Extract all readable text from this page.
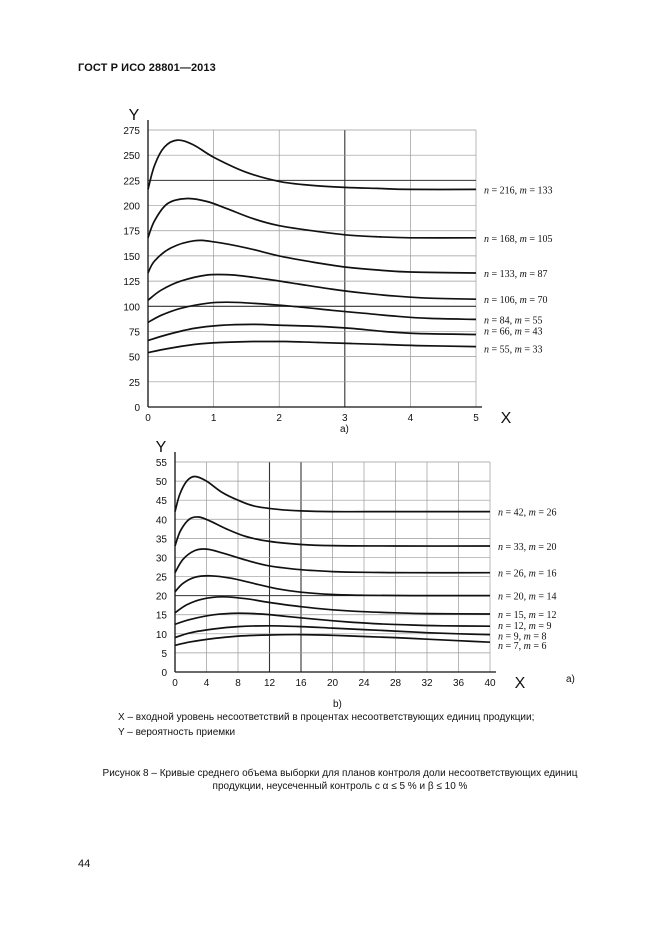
ГОСТ Р ИСО 28801—2013
0	1	2	3	4	5
0
25
50
75
100
125
150
175
200
225
250
275
Y
X
n = 216, m = 133
n = 168, m = 105
n = 133, m = 87
n = 106, m = 70
n = 84, m = 55
n = 66, m = 43
n = 55, m = 33
a)
0	4	8 12 16 20 24 28 32 36 40
0
5
10
15
20
25
30
35
40
45
50
55
Y
X
n = 42, m = 26
n = 33, m = 20
n = 26, m = 16
n = 20, m = 14
n = 15, m = 12
n = 12, m = 9
n = 9, m = 8
n = 7, m = 6
a)
b)
X – входной уровень несоответствий в процентах несоответствующих единиц продукции;
Y – вероятность приемки
Рисунок 8 – Кривые среднего объема выборки для планов контроля доли несоответствующих единиц
продукции, неусеченный контроль с α ≤ 5 % и β ≤ 10 %
44
